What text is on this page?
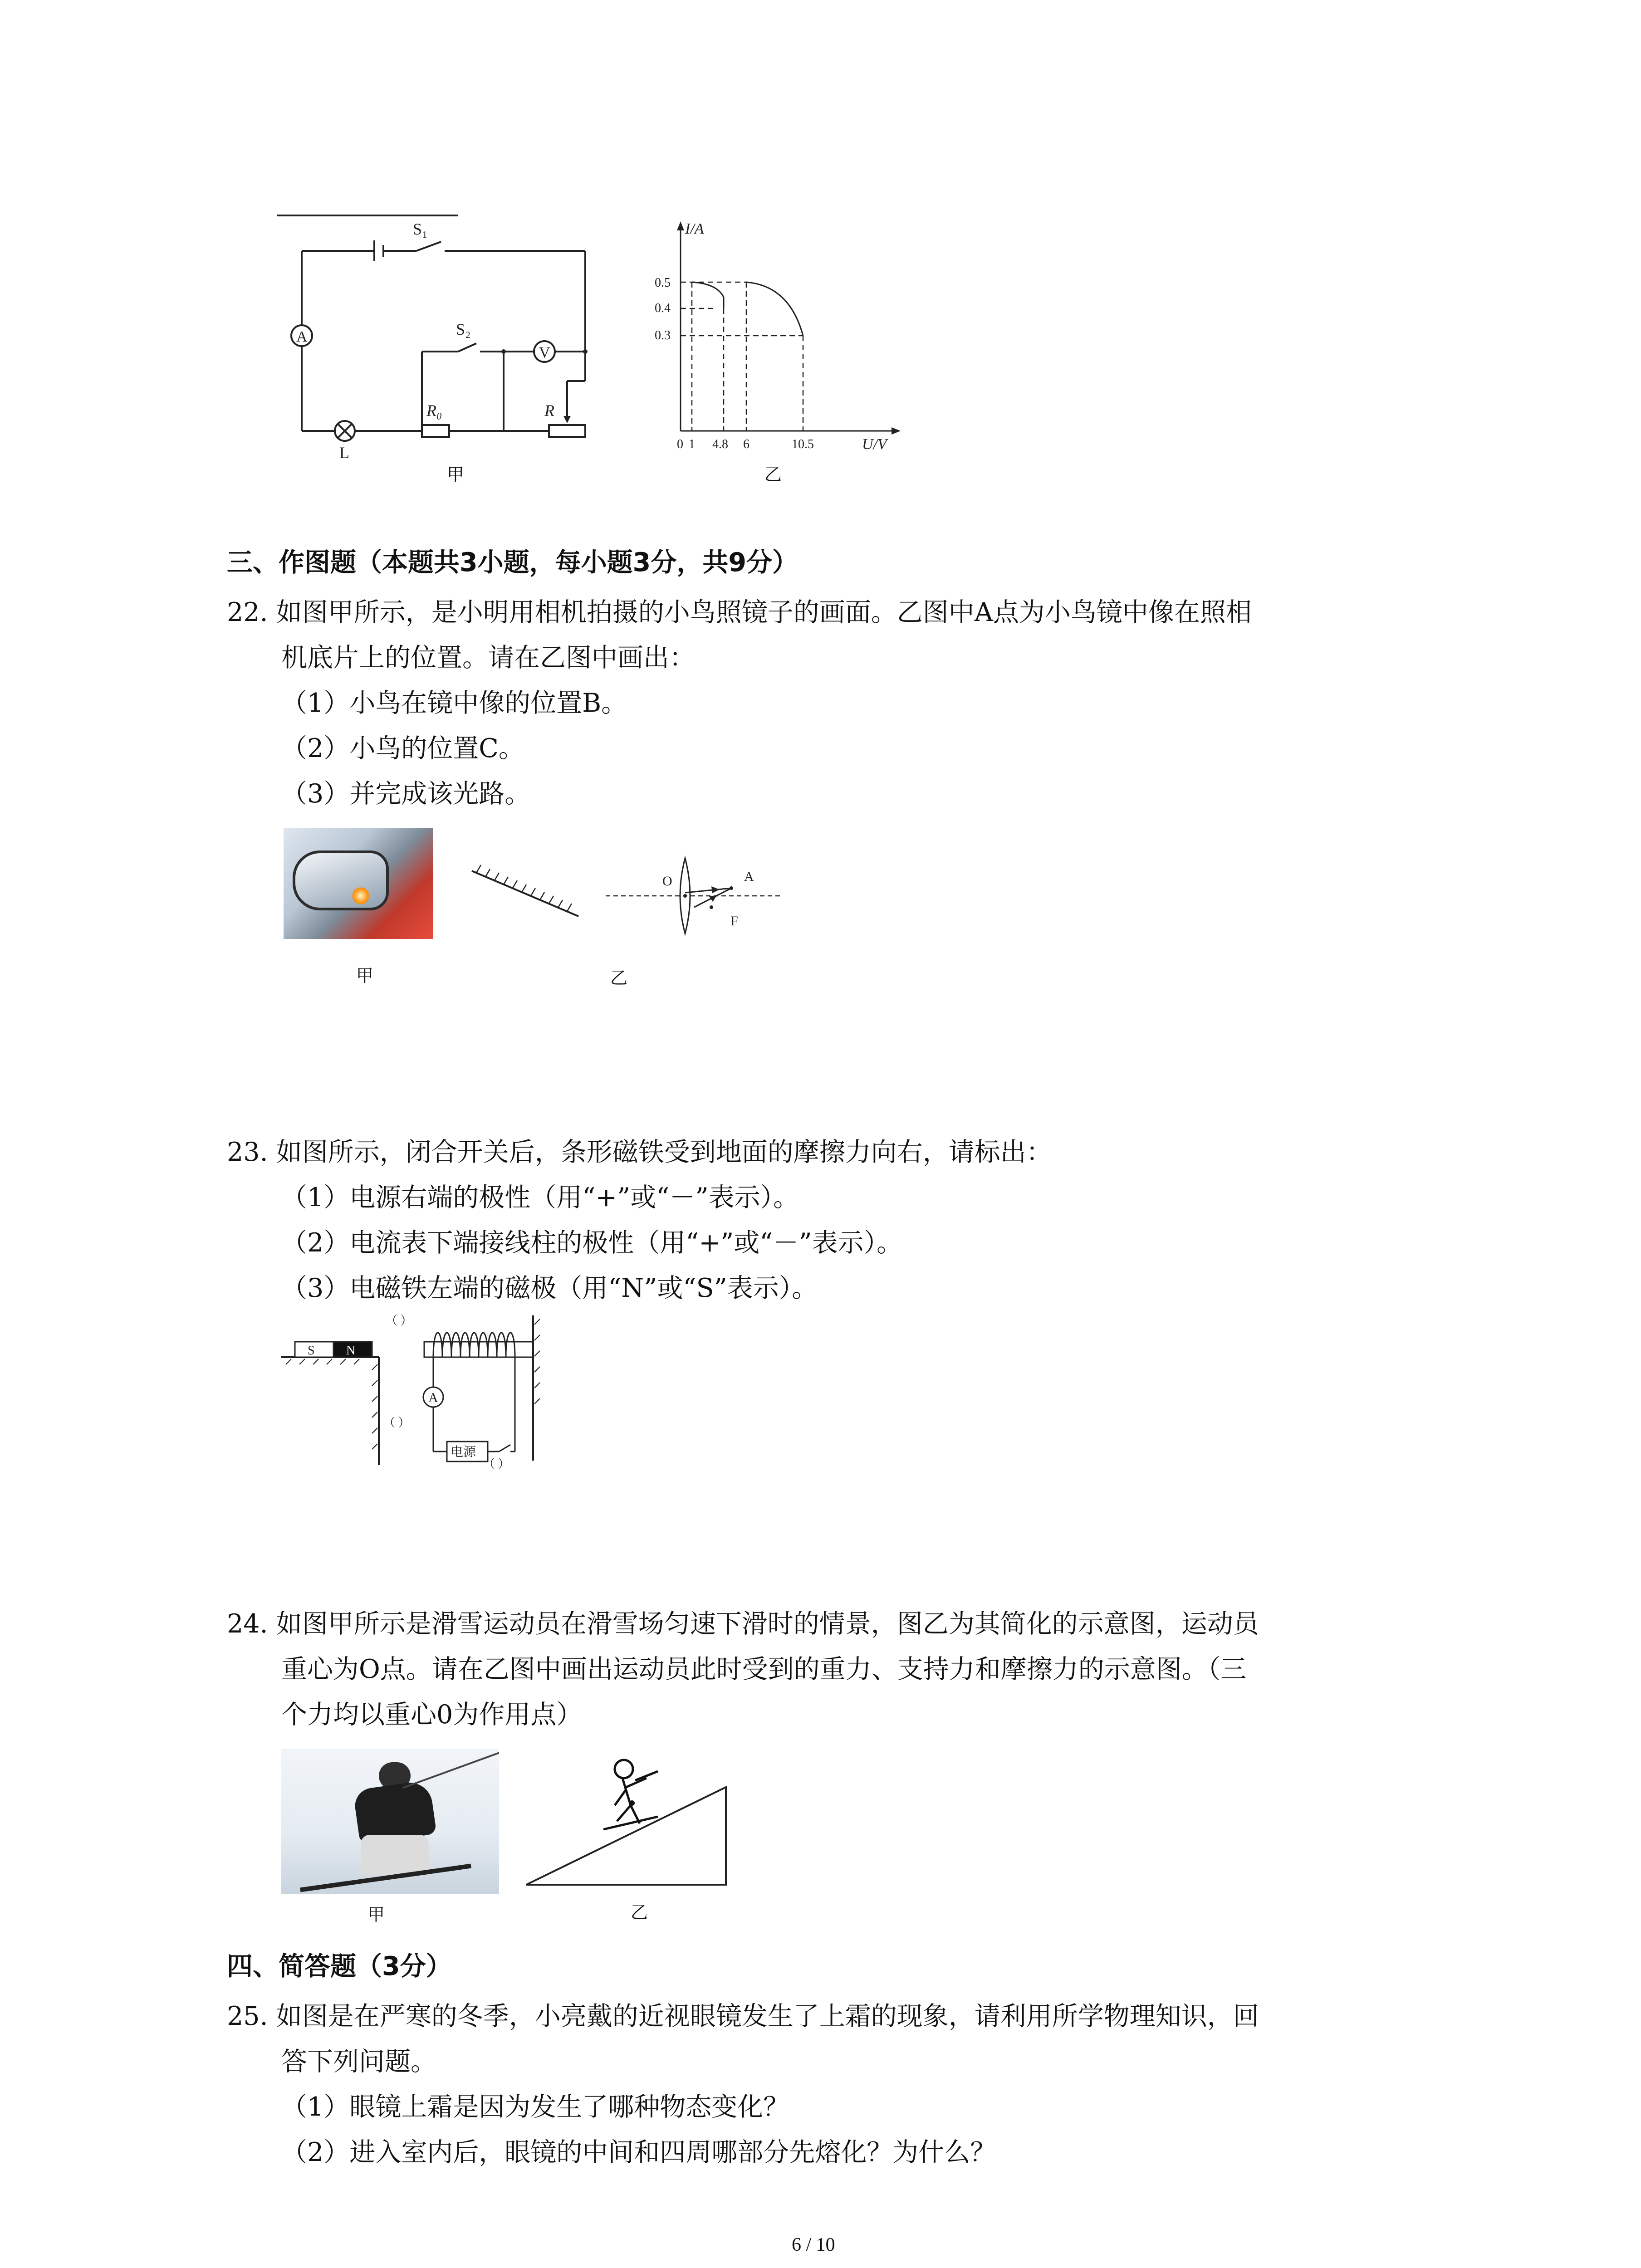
S₁
A	S₂
V
R₀	R
L
甲
I/A
0.5
0.4
0.3
0 1 4.8 6	10.5	U/V
乙
三、作图题（本题共3小题，每小题3分，共9分）
22. 如图甲所示，是小明用相机拍摄的小鸟照镜子的画面。乙图中A点为小鸟镜中像在照相
机底片上的位置。请在乙图中画出：
（1）小鸟在镜中像的位置B。
（2）小鸟的位置C。
（3）并完成该光路。
甲
O	A
F
乙
23. 如图所示，闭合开关后，条形磁铁受到地面的摩擦力向右，请标出：
（1）电源右端的极性（用“+”或“－”表示）。
（2）电流表下端接线柱的极性（用“+”或“－”表示）。
（3）电磁铁左端的磁极（用“N”或“S”表示）。
S N
A
电源
（ ）
（ ）
（ ）
24. 如图甲所示是滑雪运动员在滑雪场匀速下滑时的情景，图乙为其简化的示意图，运动员
重心为O点。请在乙图中画出运动员此时受到的重力、支持力和摩擦力的示意图。（三
个力均以重心0为作用点）
甲	乙
四、简答题（3分）
25. 如图是在严寒的冬季，小亮戴的近视眼镜发生了上霜的现象，请利用所学物理知识，回
答下列问题。
（1）眼镜上霜是因为发生了哪种物态变化？
（2）进入室内后，眼镜的中间和四周哪部分先熔化？为什么？
6 / 10
